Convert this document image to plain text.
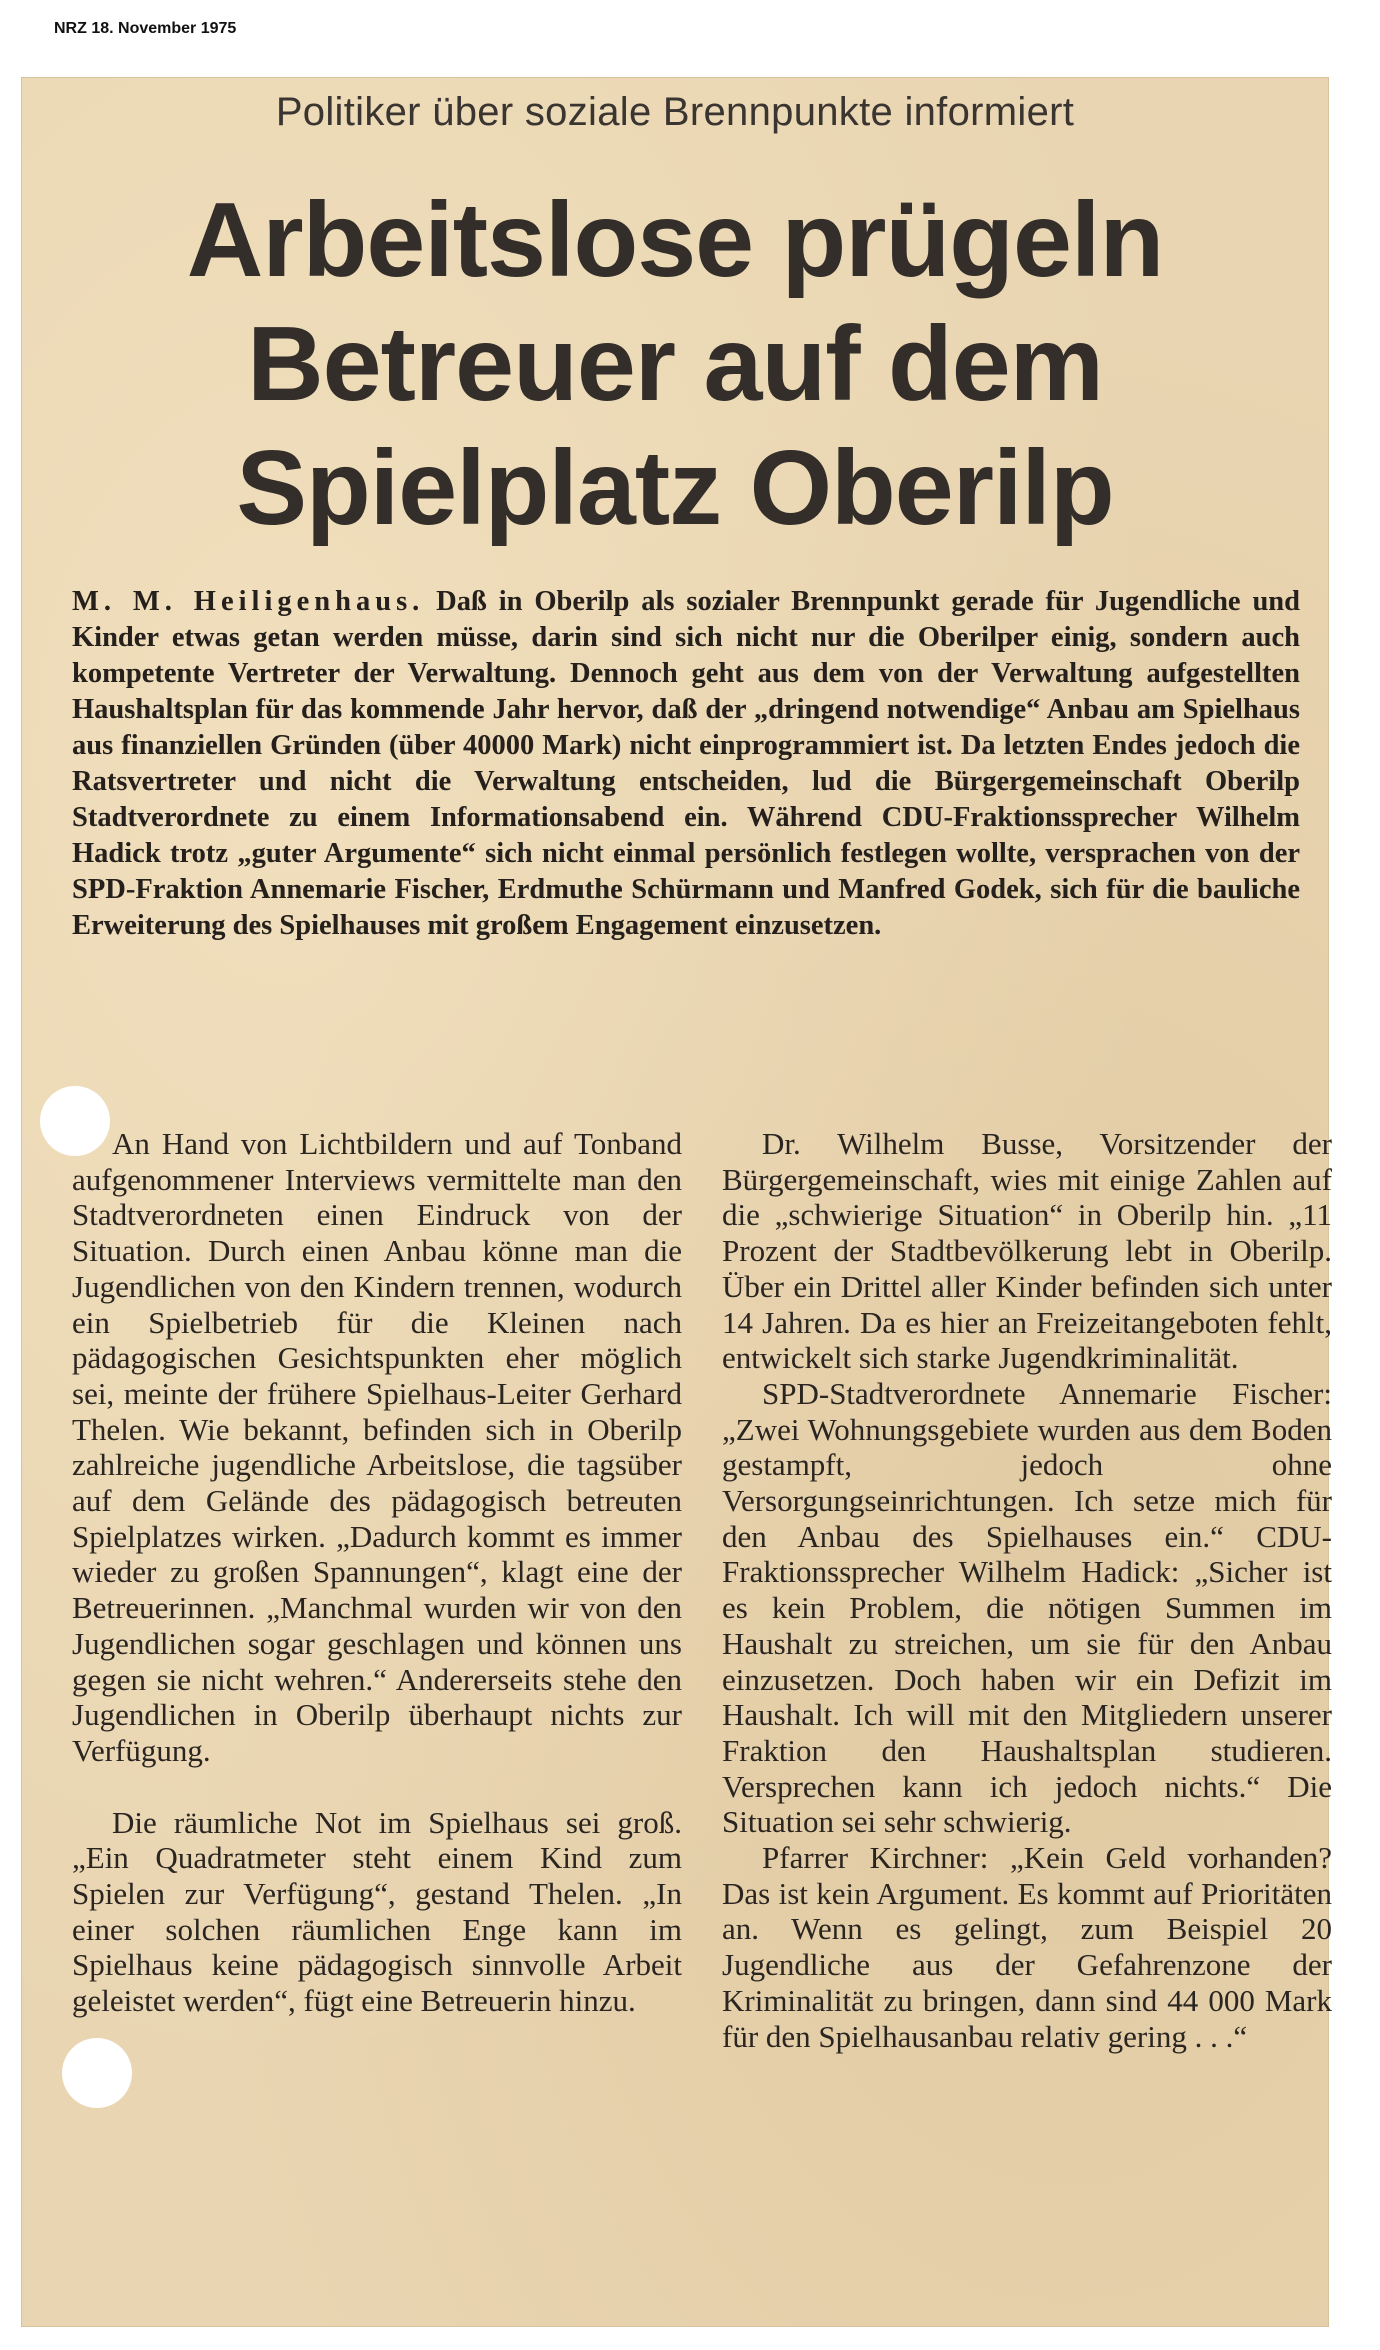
NRZ 18. November 1975
Politiker über soziale Brennpunkte informiert
Arbeitslose prügeln
Betreuer auf dem
Spielplatz Oberilp
M. M. Heiligenhaus. Daß in Oberilp als sozialer Brennpunkt gerade für Jugendliche und Kinder etwas getan werden müsse, darin sind sich nicht nur die Oberilper einig, sondern auch kompetente Vertreter der Verwaltung. Dennoch geht aus dem von der Verwaltung aufgestellten Haushaltsplan für das kommende Jahr hervor, daß der „dringend notwendige“ Anbau am Spielhaus aus finanziellen Gründen (über 40000 Mark) nicht einprogrammiert ist. Da letzten Endes jedoch die Ratsvertreter und nicht die Verwaltung entscheiden, lud die Bürgergemeinschaft Oberilp Stadtverordnete zu einem Informationsabend ein. Während CDU-Fraktionssprecher Wilhelm Hadick trotz „guter Argumente“ sich nicht einmal persönlich festlegen wollte, versprachen von der SPD-Fraktion Annemarie Fischer, Erdmuthe Schürmann und Manfred Godek, sich für die bauliche Erweiterung des Spielhauses mit großem Engagement einzusetzen.

An Hand von Lichtbildern und auf Tonband aufgenommener Interviews vermittelte man den Stadtverordneten einen Eindruck von der Situation. Durch einen Anbau könne man die Jugendlichen von den Kindern trennen, wodurch ein Spielbetrieb für die Kleinen nach pädagogischen Gesichtspunkten eher möglich sei, meinte der frühere Spielhaus-Leiter Gerhard Thelen. Wie bekannt, befinden sich in Oberilp zahlreiche jugendliche Arbeitslose, die tagsüber auf dem Gelände des pädagogisch betreuten Spielplatzes wirken. „Dadurch kommt es immer wieder zu großen Spannungen“, klagt eine der Betreuerinnen. „Manchmal wurden wir von den Jugendlichen sogar geschlagen und können uns gegen sie nicht wehren.“ Andererseits stehe den Jugendlichen in Oberilp überhaupt nichts zur Verfügung.

Die räumliche Not im Spielhaus sei groß. „Ein Quadratmeter steht einem Kind zum Spielen zur Verfügung“, gestand Thelen. „In einer solchen räumlichen Enge kann im Spielhaus keine pädagogisch sinnvolle Arbeit geleistet werden“, fügt eine Betreuerin hinzu.

Dr. Wilhelm Busse, Vorsitzender der Bürgergemeinschaft, wies mit einige Zahlen auf die „schwierige Situation“ in Oberilp hin. „11 Prozent der Stadtbevölkerung lebt in Oberilp. Über ein Drittel aller Kinder befinden sich unter 14 Jahren. Da es hier an Freizeitangeboten fehlt, entwickelt sich starke Jugendkriminalität.

SPD-Stadtverordnete Annemarie Fischer: „Zwei Wohnungsgebiete wurden aus dem Boden gestampft, jedoch ohne Versorgungseinrichtungen. Ich setze mich für den Anbau des Spielhauses ein.“ CDU-Fraktionssprecher Wilhelm Hadick: „Sicher ist es kein Problem, die nötigen Summen im Haushalt zu streichen, um sie für den Anbau einzusetzen. Doch haben wir ein Defizit im Haushalt. Ich will mit den Mitgliedern unserer Fraktion den Haushaltsplan studieren. Versprechen kann ich jedoch nichts.“ Die Situation sei sehr schwierig.

Pfarrer Kirchner: „Kein Geld vorhanden? Das ist kein Argument. Es kommt auf Prioritäten an. Wenn es gelingt, zum Beispiel 20 Jugendliche aus der Gefahrenzone der Kriminalität zu bringen, dann sind 44 000 Mark für den Spielhausanbau relativ gering . . .“
